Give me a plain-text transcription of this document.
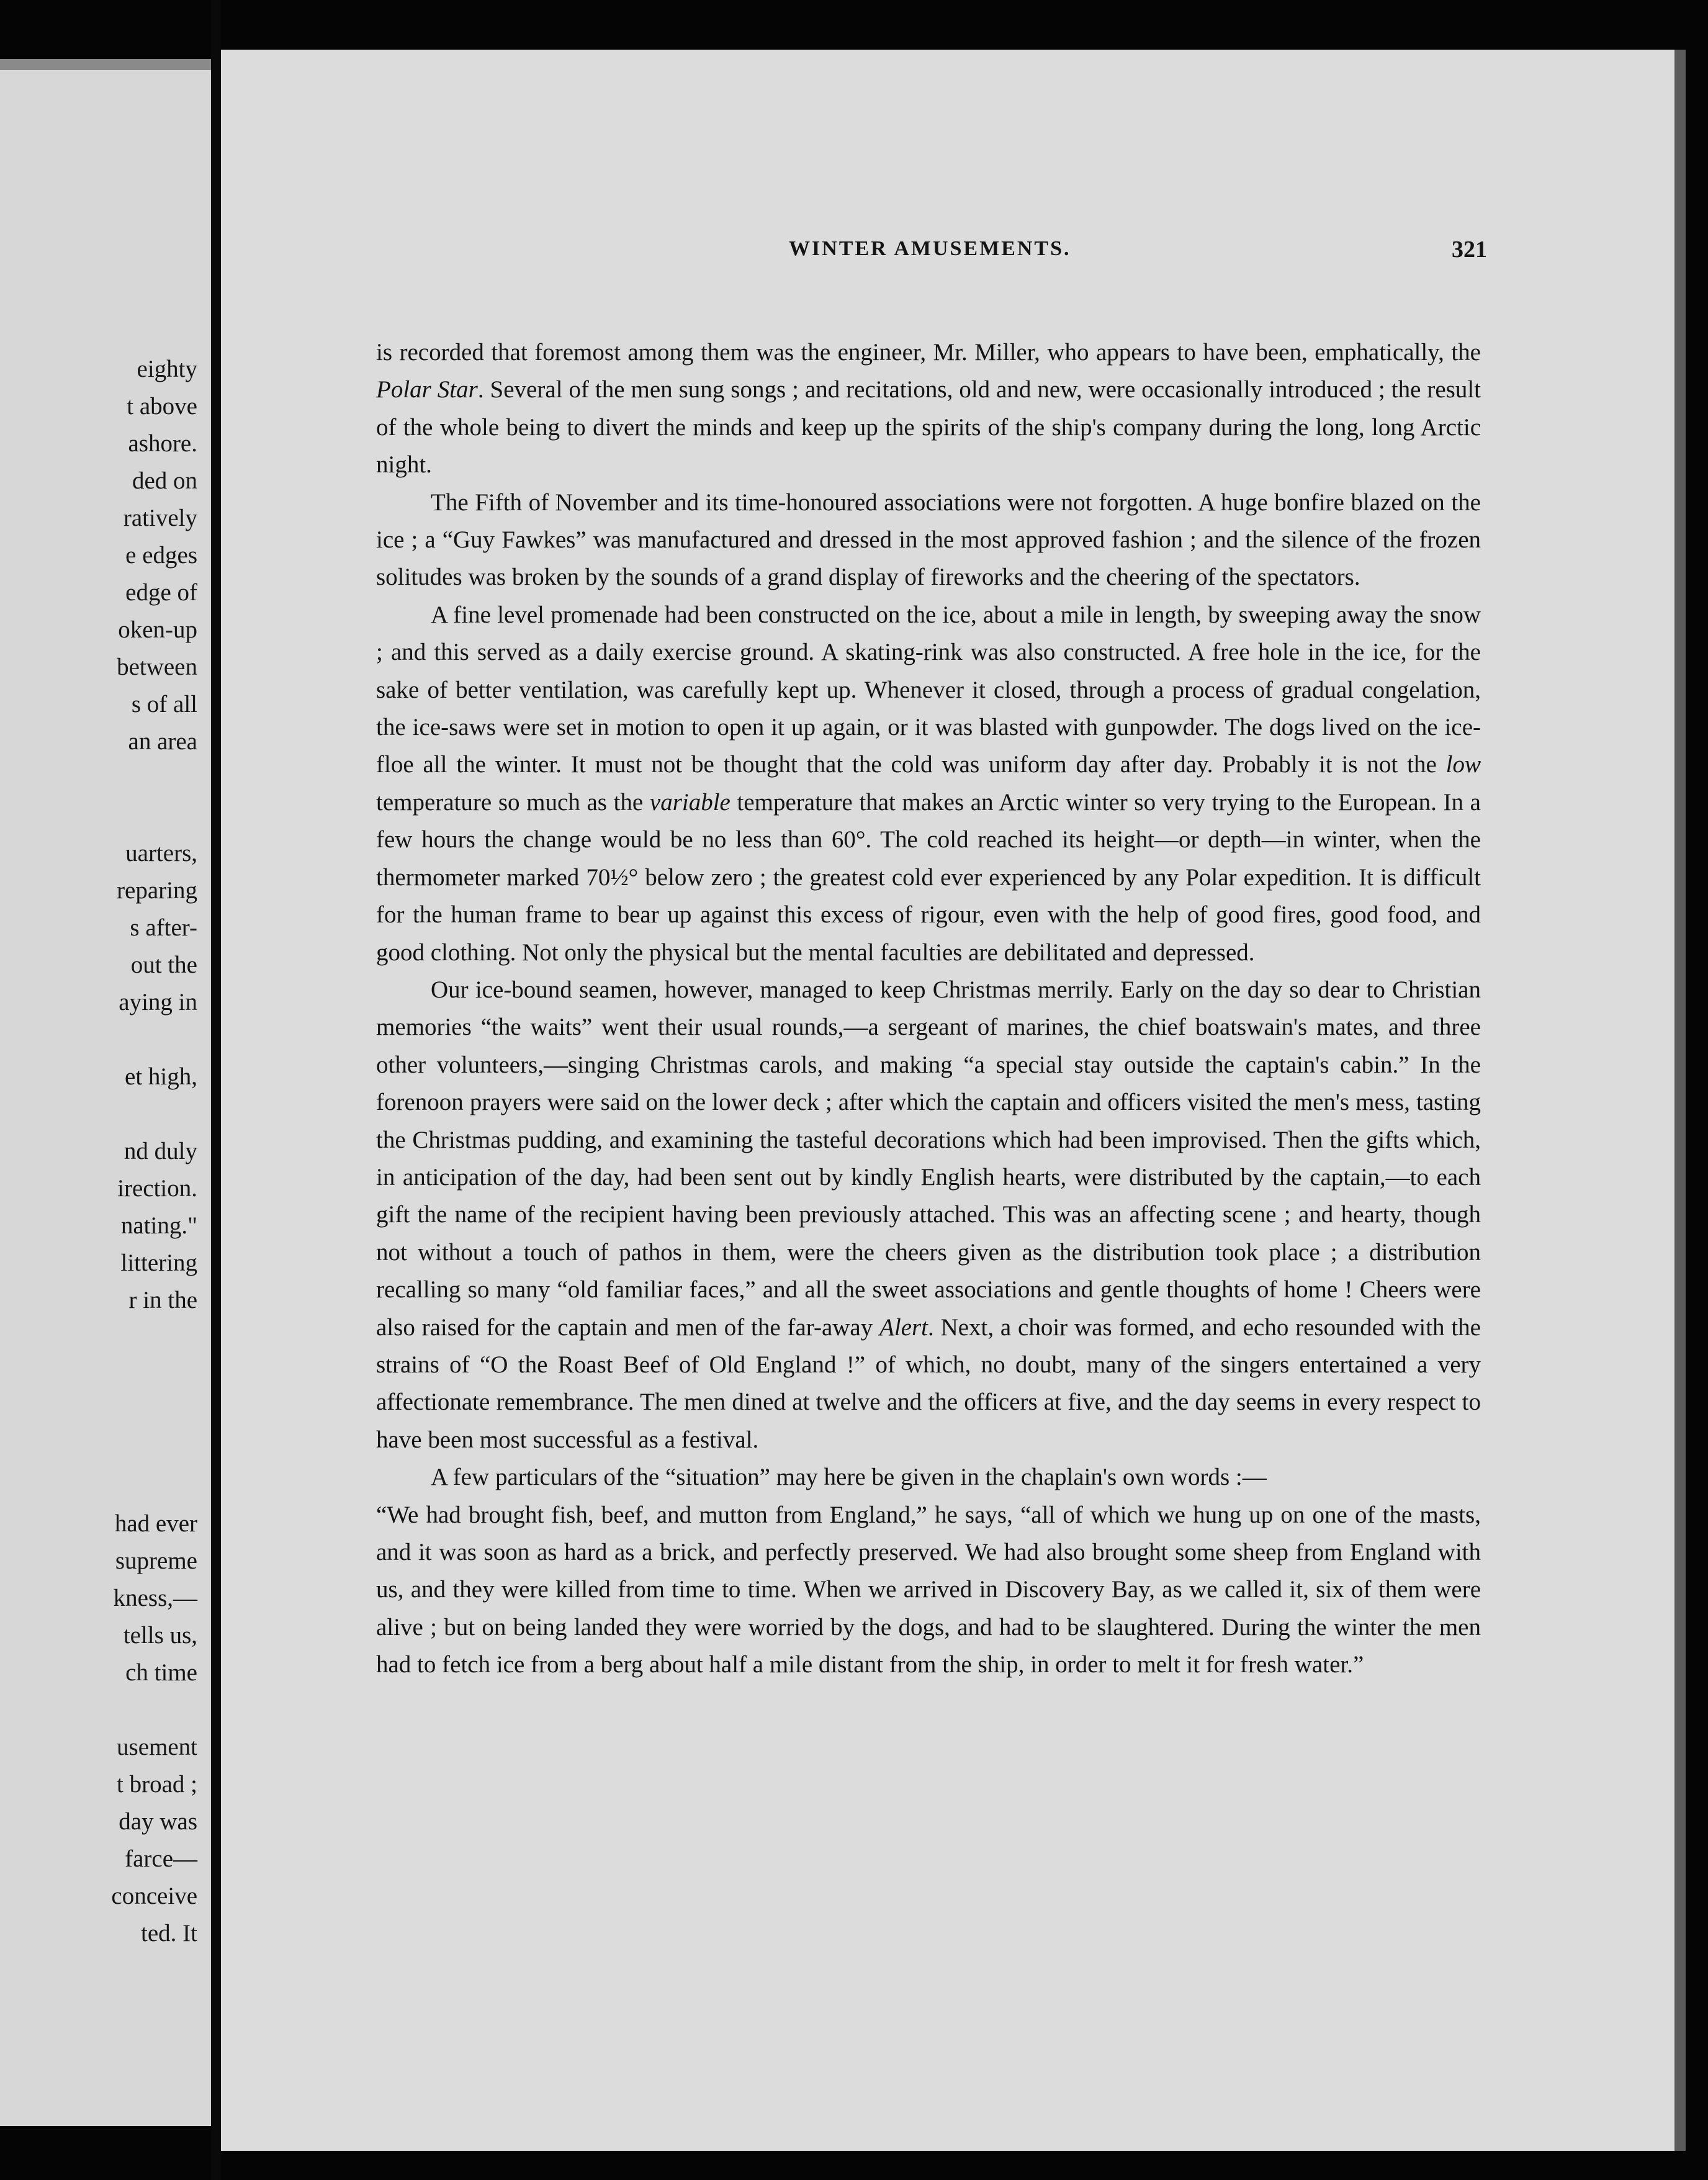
eighty
t above
ashore.
ded on
ratively
e edges
edge of
oken-up
between
s of all
an area
uarters,
reparing
s after-
out the
aying in
et high,
nd duly
irection.
nating."
littering
r in the
had ever
supreme
kness,—
tells us,
ch time
usement
t broad ;
day was
farce—
conceive
ted. It
WINTER AMUSEMENTS.	321

is recorded that foremost among them was the engineer, Mr. Miller, who appears to have been, emphatically, the Polar Star. Several of the men sung songs ; and recitations, old and new, were occasionally introduced ; the result of the whole being to divert the minds and keep up the spirits of the ship's company during the long, long Arctic night.

The Fifth of November and its time-honoured associations were not forgotten. A huge bonfire blazed on the ice ; a “Guy Fawkes” was manufactured and dressed in the most approved fashion ; and the silence of the frozen solitudes was broken by the sounds of a grand display of fireworks and the cheering of the spectators.

A fine level promenade had been constructed on the ice, about a mile in length, by sweeping away the snow ; and this served as a daily exercise ground. A skating-rink was also constructed. A free hole in the ice, for the sake of better ventilation, was carefully kept up. Whenever it closed, through a process of gradual congelation, the ice-saws were set in motion to open it up again, or it was blasted with gunpowder. The dogs lived on the ice-floe all the winter. It must not be thought that the cold was uniform day after day. Probably it is not the low temperature so much as the variable temperature that makes an Arctic winter so very trying to the European. In a few hours the change would be no less than 60°. The cold reached its height—or depth—in winter, when the thermometer marked 70½° below zero ; the greatest cold ever experienced by any Polar expedition. It is difficult for the human frame to bear up against this excess of rigour, even with the help of good fires, good food, and good clothing. Not only the physical but the mental faculties are debilitated and depressed.

Our ice-bound seamen, however, managed to keep Christmas merrily. Early on the day so dear to Christian memories “the waits” went their usual rounds,—a sergeant of marines, the chief boatswain's mates, and three other volunteers,—singing Christmas carols, and making “a special stay outside the captain's cabin.” In the forenoon prayers were said on the lower deck ; after which the captain and officers visited the men's mess, tasting the Christmas pudding, and examining the tasteful decorations which had been improvised. Then the gifts which, in anticipation of the day, had been sent out by kindly English hearts, were distributed by the captain,—to each gift the name of the recipient having been previously attached. This was an affecting scene ; and hearty, though not without a touch of pathos in them, were the cheers given as the distribution took place ; a distribution recalling so many “old familiar faces,” and all the sweet associations and gentle thoughts of home ! Cheers were also raised for the captain and men of the far-away Alert. Next, a choir was formed, and echo resounded with the strains of “O the Roast Beef of Old England !” of which, no doubt, many of the singers entertained a very affectionate remembrance. The men dined at twelve and the officers at five, and the day seems in every respect to have been most successful as a festival.

A few particulars of the “situation” may here be given in the chaplain's own words :—

“We had brought fish, beef, and mutton from England,” he says, “all of which we hung up on one of the masts, and it was soon as hard as a brick, and perfectly preserved. We had also brought some sheep from England with us, and they were killed from time to time. When we arrived in Discovery Bay, as we called it, six of them were alive ; but on being landed they were worried by the dogs, and had to be slaughtered. During the winter the men had to fetch ice from a berg about half a mile distant from the ship, in order to melt it for fresh water.”
